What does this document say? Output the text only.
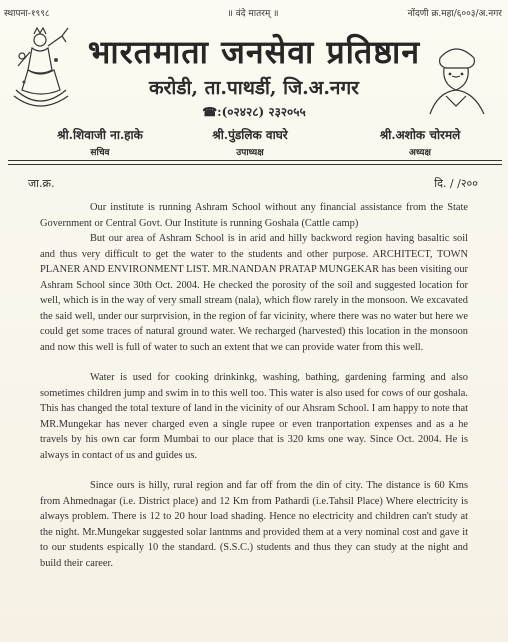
स्थापना-१९९८	॥ वंदे मातरम् ॥	नोंदणी क्र.महा/६००३/अ.नगर
भारतमाता जनसेवा प्रतिष्ठान
करोडी, ता.पाथर्डी, जि.अ.नगर
☎:(०२४२८) २३२०५५
श्री.शिवाजी ना.हाके
सचिव
श्री.पुंडलिक वाघरे
उपाध्यक्ष
श्री.अशोक चोरमले
अध्यक्ष
जा.क्र.	दि. / /२००

Our institute is running Ashram School without any financial assistance from the State Government or Central Govt. Our Institute is running Goshala (Cattle camp)

But our area of Ashram School is in arid and hilly backword region having basaltic soil and thus very difficult to get the water to the students and other purpose. ARCHITECT, TOWN PLANER AND ENVIRONMENT LIST. MR.NANDAN PRATAP MUNGEKAR has been visiting our Ashram School since 30th Oct. 2004. He checked the porosity of the soil and suggested location for well, which is in the way of very small stream (nala), which flow rarely in the monsoon. We excavated the said well, under our surprvision, in the region of far vicinity, where there was no water but here we could get some traces of natural ground water. We recharged (harvested) this location in the monsoon and now this well is full of water to such an extent that we can provide water from this well.

Water is used for cooking drinkinkg, washing, bathing, gardening farming and also sometimes children jump and swim in to this well too. This water is also used for cows of our goshala. This has changed the total texture of land in the vicinity of our Ahsram School. I am happy to note that MR.Mungekar has never charged even a single rupee or even tranportation expenses and as a he travels by his own car form Mumbai to our place that is 320 kms one way. Since Oct. 2004. He is always in contact of us and guides us.

Since ours is hilly, rural region and far off from the din of city. The distance is 60 Kms from Ahmednagar (i.e. District place) and 12 Km from Pathardi (i.e.Tahsil Place) Where electricity is always problem. There is 12 to 20 hour load shading. Hence no electricity and children can't study at the night. Mr.Mungekar suggested solar lantnms and provided them at a very nominal cost and gave it to our students espically 10 the standard. (S.S.C.) students and thus they can study at the night and build their career.
